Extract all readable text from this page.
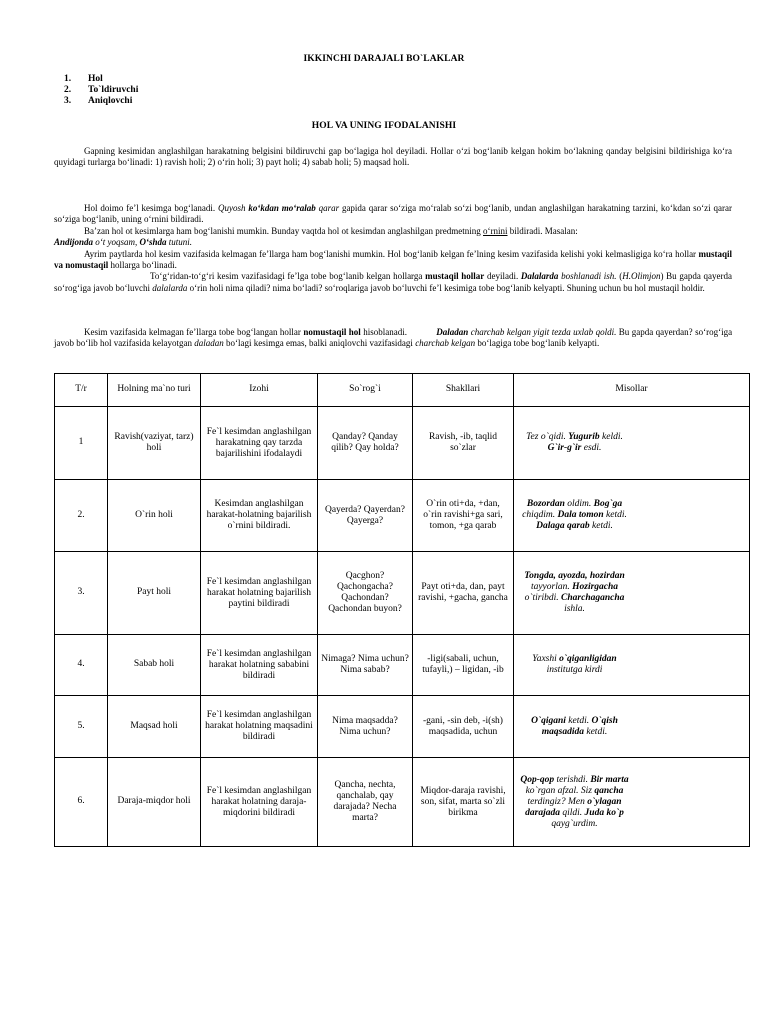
IKKINCHI DARAJALI BO`LAKLAR
1.	Hol
2.	To`ldiruvchi
3.	Aniqlovchi
HOL VA UNING IFODALANISHI

Gapning kesimidan anglashilgan harakatning belgisini bildiruvchi gap bo‘lagiga hol deyiladi. Hollar o‘zi bog‘lanib kelgan hokim bo‘lakning qanday belgisini bildirishiga ko‘ra quyidagi turlarga bo‘linadi: 1) ravish holi; 2) o‘rin holi; 3) payt holi; 4) sabab holi; 5) maqsad holi.

Hol doimo fe’l kesimga bog‘lanadi. Quyosh ko‘kdan mo‘ralab qarar gapida qarar so‘ziga mo‘ralab so‘zi bog‘lanib, undan anglashilgan harakatning tarzini, ko‘kdan so‘zi qarar so‘ziga bog‘lanib, uning o‘rnini bildiradi.
Ba’zan hol ot kesimlarga ham bog‘lanishi mumkin. Bunday vaqtda hol ot kesimdan anglashilgan predmetning o‘rnini bildiradi. Masalan:
Andijonda o‘t yoqsam, O‘shda tutuni.
Ayrim paytlarda hol kesim vazifasida kelmagan fe’llarga ham bog‘lanishi mumkin. Hol bog‘lanib kelgan fe’lning kesim vazifasida kelishi yoki kelmasligiga ko‘ra hollar mustaqil va nomustaqil hollarga bo‘linadi.
To‘g‘ridan-to‘g‘ri kesim vazifasidagi fe’lga tobe bog‘lanib kelgan hollarga mustaqil hollar deyiladi. Dalalarda boshlanadi ish. (H.Olimjon) Bu gapda qayerda so‘rog‘iga javob bo‘luvchi dalalarda o‘rin holi nima qiladi? nima bo‘ladi? so‘roqlariga javob bo‘luvchi fe’l kesimiga tobe bog‘lanib kelyapti. Shuning uchun bu hol mustaqil holdir.

Kesim vazifasida kelmagan fe’llarga tobe bog‘langan hollar nomustaqil hol hisoblanadi.	Daladan charchab kelgan yigit tezda uxlab qoldi. Bu gapda qayerdan? so‘rog‘iga javob bo‘lib hol vazifasida kelayotgan daladan bo‘lagi kesimga emas, balki aniqlovchi vazifasidagi charchab kelgan bo‘lagiga tobe bog‘lanib kelyapti.

T/r	Holning ma`no turi	Izohi	So`rog`i	Shakllari	Misollar
1	Ravish(vaziyat, tarz) holi	Fe`l kesimdan anglashilgan harakatning qay tarzda bajarilishini ifodalaydi	Qanday? Qanday qilib? Qay holda?	Ravish, -ib, taqlid so`zlar	Tez o`qidi. Yugurib keldi. G`ir-g`ir esdi.

2.	O`rin holi	Kesimdan anglashilgan harakat-holatning bajarilish o`rnini bildiradi.	Qayerda? Qayerdan? Qayerga?	O`rin oti+da, +dan, o`rin ravishi+ga sari, tomon, +ga qarab	Bozordan oldim. Bog`ga chiqdim. Dala tomon ketdi. Dalaga qarab ketdi.

3.	Payt holi	Fe`l kesimdan anglashilgan harakat holatning bajarilish paytini bildiradi	Qacghon? Qachongacha? Qachondan? Qachondan buyon?	Payt oti+da, dan, payt ravishi, +gacha, gancha	Tongda, ayozda, hozirdan tayyorlan. Hozirgacha o`tiribdi. Charchagancha ishla.

4.	Sabab holi	Fe`l kesimdan anglashilgan harakat holatning sababini bildiradi	Nimaga? Nima uchun? Nima sabab?	-ligi(sabali, uchun, tufayli,) – ligidan, -ib	Yaxshi o`qiganligidan institutga kirdi

5.	Maqsad holi	Fe`l kesimdan anglashilgan harakat holatning maqsadini bildiradi	Nima maqsadda? Nima uchun?	-gani, -sin deb, -i(sh) maqsadida, uchun	O`qigani ketdi. O`qish maqsadida ketdi.

6.	Daraja-miqdor holi	Fe`l kesimdan anglashilgan harakat holatning daraja-miqdorini bildiradi	Qancha, nechta, qanchalab, qay darajada? Necha marta?	Miqdor-daraja ravishi, son, sifat, marta so`zli birikma	Qop-qop terishdi. Bir marta ko`rgan afzal. Siz qancha terdingiz? Men o`ylagan darajada qildi. Juda ko`p qayg`urdim.
